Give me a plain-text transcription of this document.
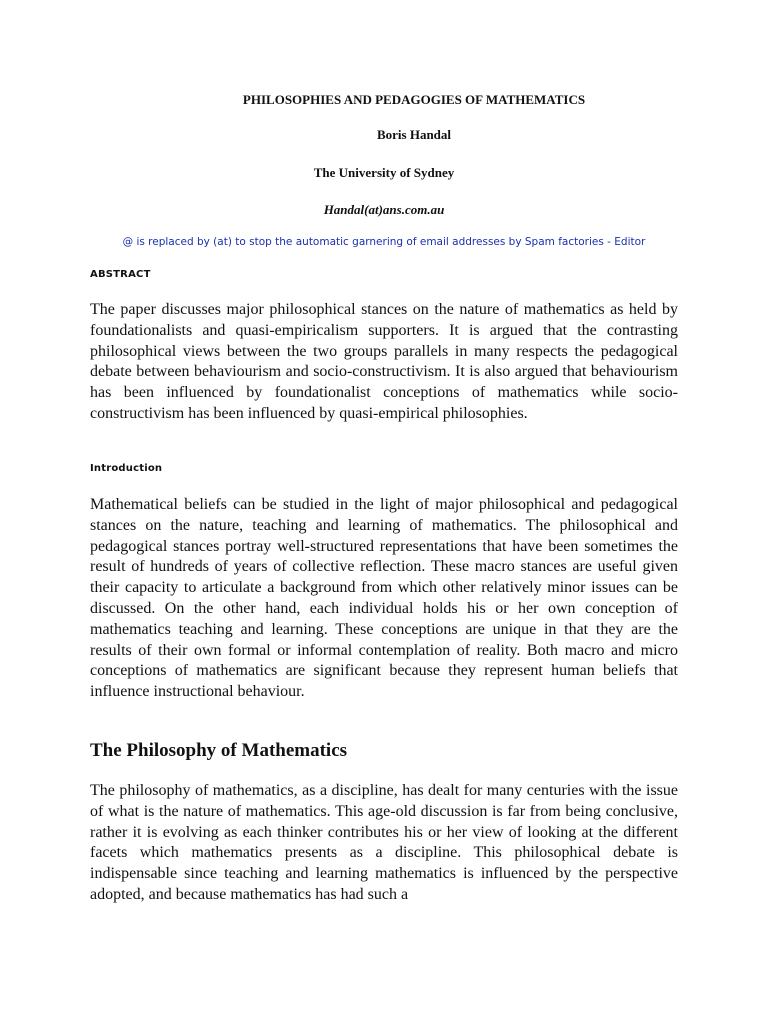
PHILOSOPHIES AND PEDAGOGIES OF MATHEMATICS
Boris Handal
The University of Sydney
Handal(at)ans.com.au
@ is replaced by (at) to stop the automatic garnering of email addresses by Spam factories - Editor
ABSTRACT

The paper discusses major philosophical stances on the nature of mathematics as held by foundationalists and quasi-empiricalism supporters. It is argued that the contrasting philosophical views between the two groups parallels in many respects the pedagogical debate between behaviourism and socio-constructivism. It is also argued that behaviourism has been influenced by foundationalist conceptions of mathematics while socio-constructivism has been influenced by quasi-empirical philosophies.

Introduction

Mathematical beliefs can be studied in the light of major philosophical and pedagogical stances on the nature, teaching and learning of mathematics. The philosophical and pedagogical stances portray well-structured representations that have been sometimes the result of hundreds of years of collective reflection. These macro stances are useful given their capacity to articulate a background from which other relatively minor issues can be discussed. On the other hand, each individual holds his or her own conception of mathematics teaching and learning. These conceptions are unique in that they are the results of their own formal or informal contemplation of reality. Both macro and micro conceptions of mathematics are significant because they represent human beliefs that influence instructional behaviour.

The Philosophy of Mathematics

The philosophy of mathematics, as a discipline, has dealt for many centuries with the issue of what is the nature of mathematics. This age-old discussion is far from being conclusive, rather it is evolving as each thinker contributes his or her view of looking at the different facets which mathematics presents as a discipline. This philosophical debate is indispensable since teaching and learning mathematics is influenced by the perspective adopted, and because mathematics has had such a
